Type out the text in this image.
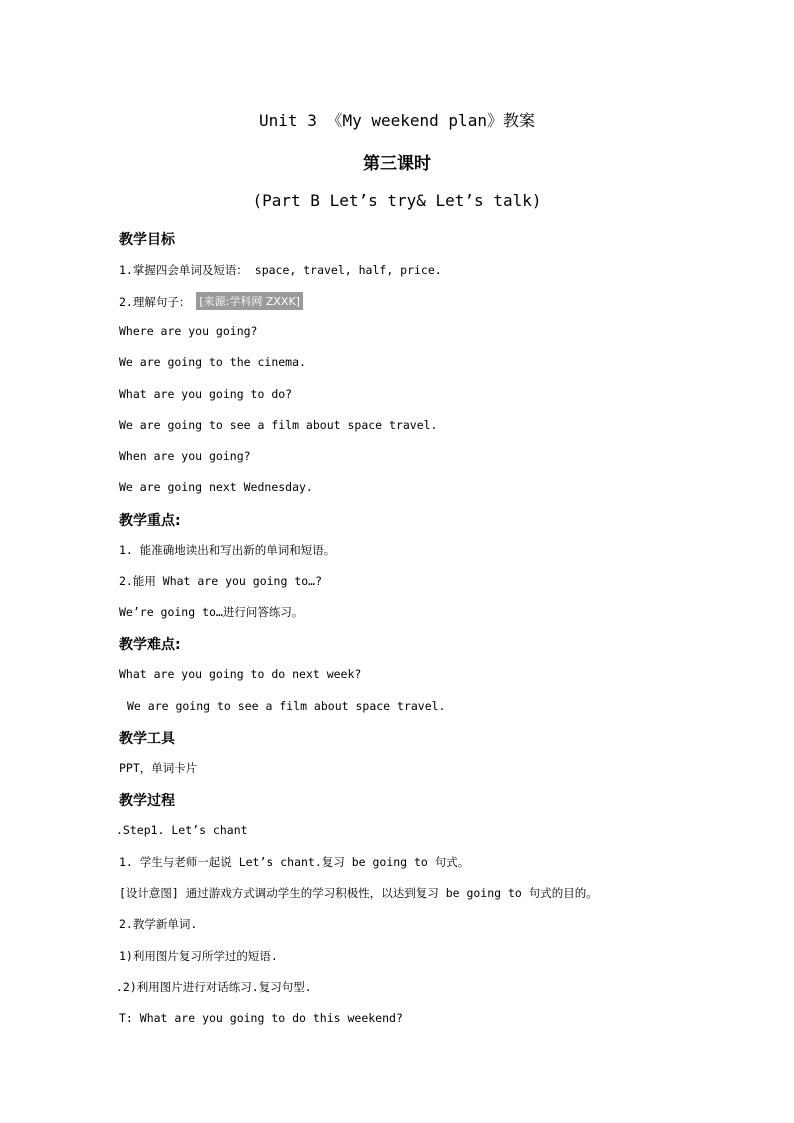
Unit 3 《My weekend plan》教案
第三课时
(Part B Let’s try& Let’s talk)
教学目标
1.掌握四会单词及短语： space, travel, half, price.
2.理解句子： [来源:学科网 ZXXK]
Where are you going?
We are going to the cinema.
What are you going to do?
We are going to see a film about space travel.
When are you going?
We are going next Wednesday.
教学重点:
1. 能准确地读出和写出新的单词和短语。
2.能用 What are you going to…?
We’re going to…进行问答练习。
教学难点:
What are you going to do next week?
We are going to see a film about space travel.
教学工具
PPT，单词卡片
教学过程
.Step1. Let’s chant
1. 学生与老师一起说 Let’s chant.复习 be going to 句式。
[设计意图] 通过游戏方式调动学生的学习积极性，以达到复习 be going to 句式的目的。
2.教学新单词.
1)利用图片复习所学过的短语.
.2)利用图片进行对话练习.复习句型.
T: What are you going to do this weekend?
